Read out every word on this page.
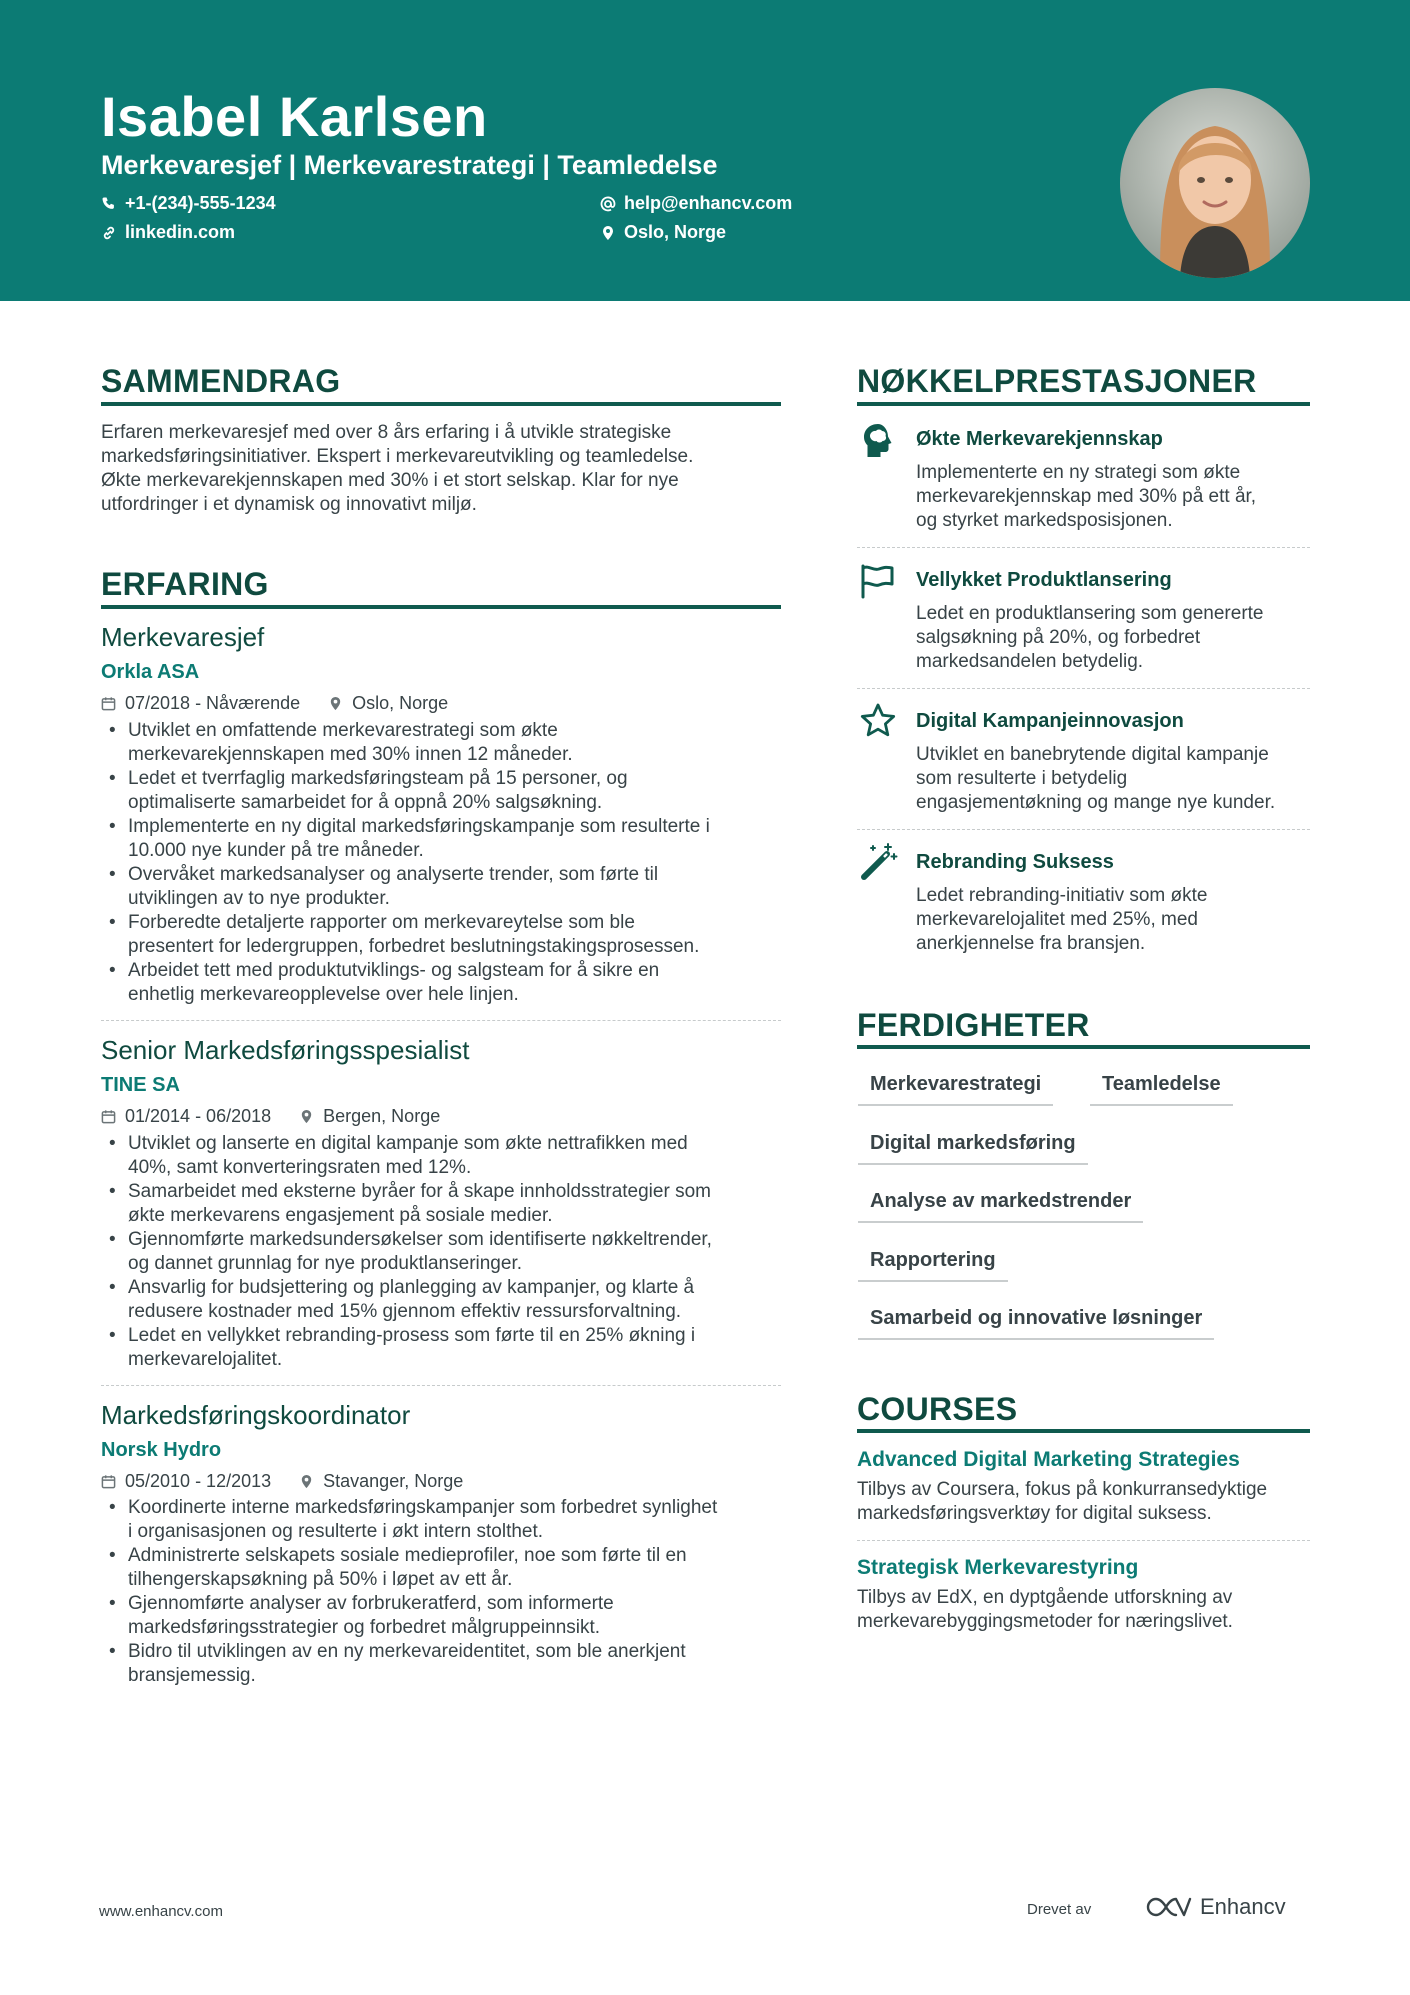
Isabel Karlsen
Merkevaresjef | Merkevarestrategi | Teamledelse
+1-(234)-555-1234	help@enhancv.com
linkedin.com	Oslo, Norge
SAMMENDRAG
Erfaren merkevaresjef med over 8 års erfaring i å utvikle strategiske
markedsføringsinitiativer. Ekspert i merkevareutvikling og teamledelse.
Økte merkevarekjennskapen med 30% i et stort selskap. Klar for nye
utfordringer i et dynamisk og innovativt miljø.
ERFARING
Merkevaresjef
Orkla ASA
07/2018 - Nåværende	Oslo, Norge
• Utviklet en omfattende merkevarestrategi som økte
merkevarekjennskapen med 30% innen 12 måneder.
• Ledet et tverrfaglig markedsføringsteam på 15 personer, og
optimaliserte samarbeidet for å oppnå 20% salgsøkning.
• Implementerte en ny digital markedsføringskampanje som resulterte i
10.000 nye kunder på tre måneder.
• Overvåket markedsanalyser og analyserte trender, som førte til
utviklingen av to nye produkter.
• Forberedte detaljerte rapporter om merkevareytelse som ble
presentert for ledergruppen, forbedret beslutningstakingsprosessen.
• Arbeidet tett med produktutviklings- og salgsteam for å sikre en
enhetlig merkevareopplevelse over hele linjen.
Senior Markedsføringsspesialist
TINE SA
01/2014 - 06/2018	Bergen, Norge
• Utviklet og lanserte en digital kampanje som økte nettrafikken med
40%, samt konverteringsraten med 12%.
• Samarbeidet med eksterne byråer for å skape innholdsstrategier som
økte merkevarens engasjement på sosiale medier.
• Gjennomførte markedsundersøkelser som identifiserte nøkkeltrender,
og dannet grunnlag for nye produktlanseringer.
• Ansvarlig for budsjettering og planlegging av kampanjer, og klarte å
redusere kostnader med 15% gjennom effektiv ressursforvaltning.
• Ledet en vellykket rebranding-prosess som førte til en 25% økning i
merkevarelojalitet.
Markedsføringskoordinator
Norsk Hydro
05/2010 - 12/2013	Stavanger, Norge
• Koordinerte interne markedsføringskampanjer som forbedret synlighet
i organisasjonen og resulterte i økt intern stolthet.
• Administrerte selskapets sosiale medieprofiler, noe som førte til en
tilhengerskapsøkning på 50% i løpet av ett år.
• Gjennomførte analyser av forbrukeratferd, som informerte
markedsføringsstrategier og forbedret målgruppeinnsikt.
• Bidro til utviklingen av en ny merkevareidentitet, som ble anerkjent
bransjemessig.
NØKKELPRESTASJONER
Økte Merkevarekjennskap
Implementerte en ny strategi som økte
merkevarekjennskap med 30% på ett år,
og styrket markedsposisjonen.
Vellykket Produktlansering
Ledet en produktlansering som genererte
salgsøkning på 20%, og forbedret
markedsandelen betydelig.
Digital Kampanjeinnovasjon
Utviklet en banebrytende digital kampanje
som resulterte i betydelig
engasjementøkning og mange nye kunder.
Rebranding Suksess
Ledet rebranding-initiativ som økte
merkevarelojalitet med 25%, med
anerkjennelse fra bransjen.
FERDIGHETER
Merkevarestrategi	Teamledelse
Digital markedsføring
Analyse av markedstrender
Rapportering
Samarbeid og innovative løsninger
COURSES
Advanced Digital Marketing Strategies
Tilbys av Coursera, fokus på konkurransedyktige
markedsføringsverktøy for digital suksess.
Strategisk Merkevarestyring
Tilbys av EdX, en dyptgående utforskning av
merkevarebyggingsmetoder for næringslivet.
www.enhancv.com	Drevet av	Enhancv
